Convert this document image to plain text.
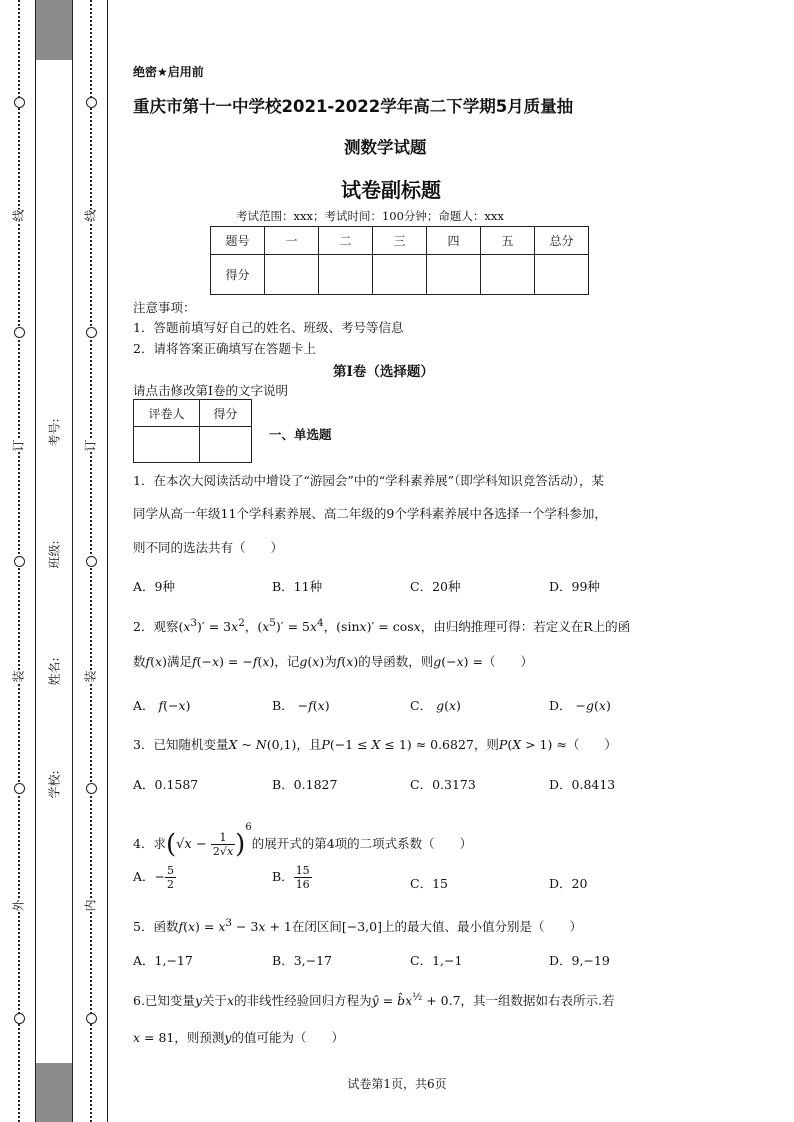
线
订
装
外
考号:
班级:
姓名:
学校:
线
订
装
内
绝密★启用前
重庆市第十一中学校2021-2022学年高二下学期5月质量抽
测数学试题
试卷副标题
考试范围：xxx；考试时间：100分钟；命题人：xxx
题号	一	二	三	四	五	总分
得分						
注意事项：
1．答题前填写好自己的姓名、班级、考号等信息
2．请将答案正确填写在答题卡上
第I卷（选择题）
请点击修改第I卷的文字说明
评卷人	得分

一、单选题
1．在本次大阅读活动中增设了“游园会”中的“学科素养展”（即学科知识竞答活动），某
同学从高一年级11个学科素养展、高二年级的9个学科素养展中各选择一个学科参加，
则不同的选法共有（　　）
A．9种	B．11种	C．20种	D．99种
2．观察$(x^3)' = 3x^2$，$(x^5)' = 5x^4$，(sinx)′ = cosx，由归纳推理可得：若定义在R上的函
数f(x)满足f(−x) = −f(x)，记g(x)为f(x)的导函数，则g(−x) =（　　）
A． f(−x)	B． −f(x)	C． g(x)	D． −g(x)
3．已知随机变量X ~ N(0,1)，且P(−1 ≤ X ≤ 1) ≈ 0.6827，则P(X > 1) ≈（　　）
A．0.1587	B．0.1827	C．0.3173	D．0.8413
4．求$(√x - \frac{1}{2√x} )^6$的展开式的第4项的二项式系数（　　）
A．− $\frac{5}{2}$	B． $\frac{15}{16}$	C．15	D．20
5．函数$f(x) = x^3 - 3x + 1$在闭区间[−3,0]上的最大值、最小值分别是（　　）
A．1,−17	B．3,−17	C．1,−1	D．9,−19
6.已知变量y关于x的非线性经验回归方程为ŷ = $b̂x^{\frac{1}{2}} + 0.7$，其一组数据如右表所示.若
x = 81，则预测y的值可能为（　　）
试卷第1页，共6页
